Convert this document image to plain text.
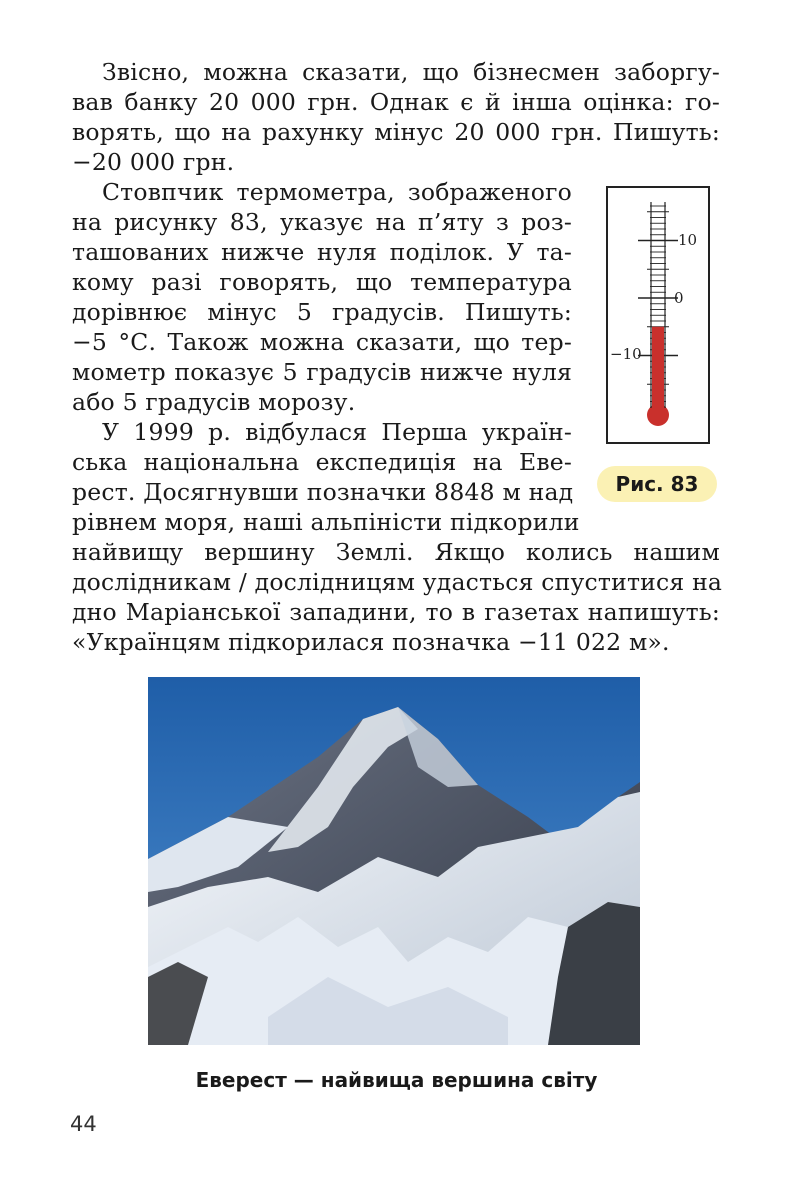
Звісно, можна сказати, що бізнесмен заборгу-
вав банку 20 000 грн. Однак є й інша оцінка: го-
ворять, що на рахунку мінус 20 000 грн. Пишуть:
−20 000 грн.
Стовпчик термометра, зображеного
на рисунку 83, указує на п’яту з роз-
ташованих нижче нуля поділок. У та-
кому разі говорять, що температура
дорівнює мінус 5 градусів. Пишуть:
−5 °С. Також можна сказати, що тер-
мометр показує 5 градусів нижче нуля
або 5 градусів морозу.
У 1999 р. відбулася Перша україн-
ська національна експедиція на Еве-
рест. Досягнувши позначки 8848 м над
рівнем моря, наші альпіністи підкорили
найвищу вершину Землі. Якщо колись нашим
дослідникам / дослідницям удасться спуститися на
дно Маріанської западини, то в газетах напишуть:
«Українцям підкорилася позначка −11 022 м».
10
0
−10
Рис. 83
Еверест — найвища вершина світу
44
